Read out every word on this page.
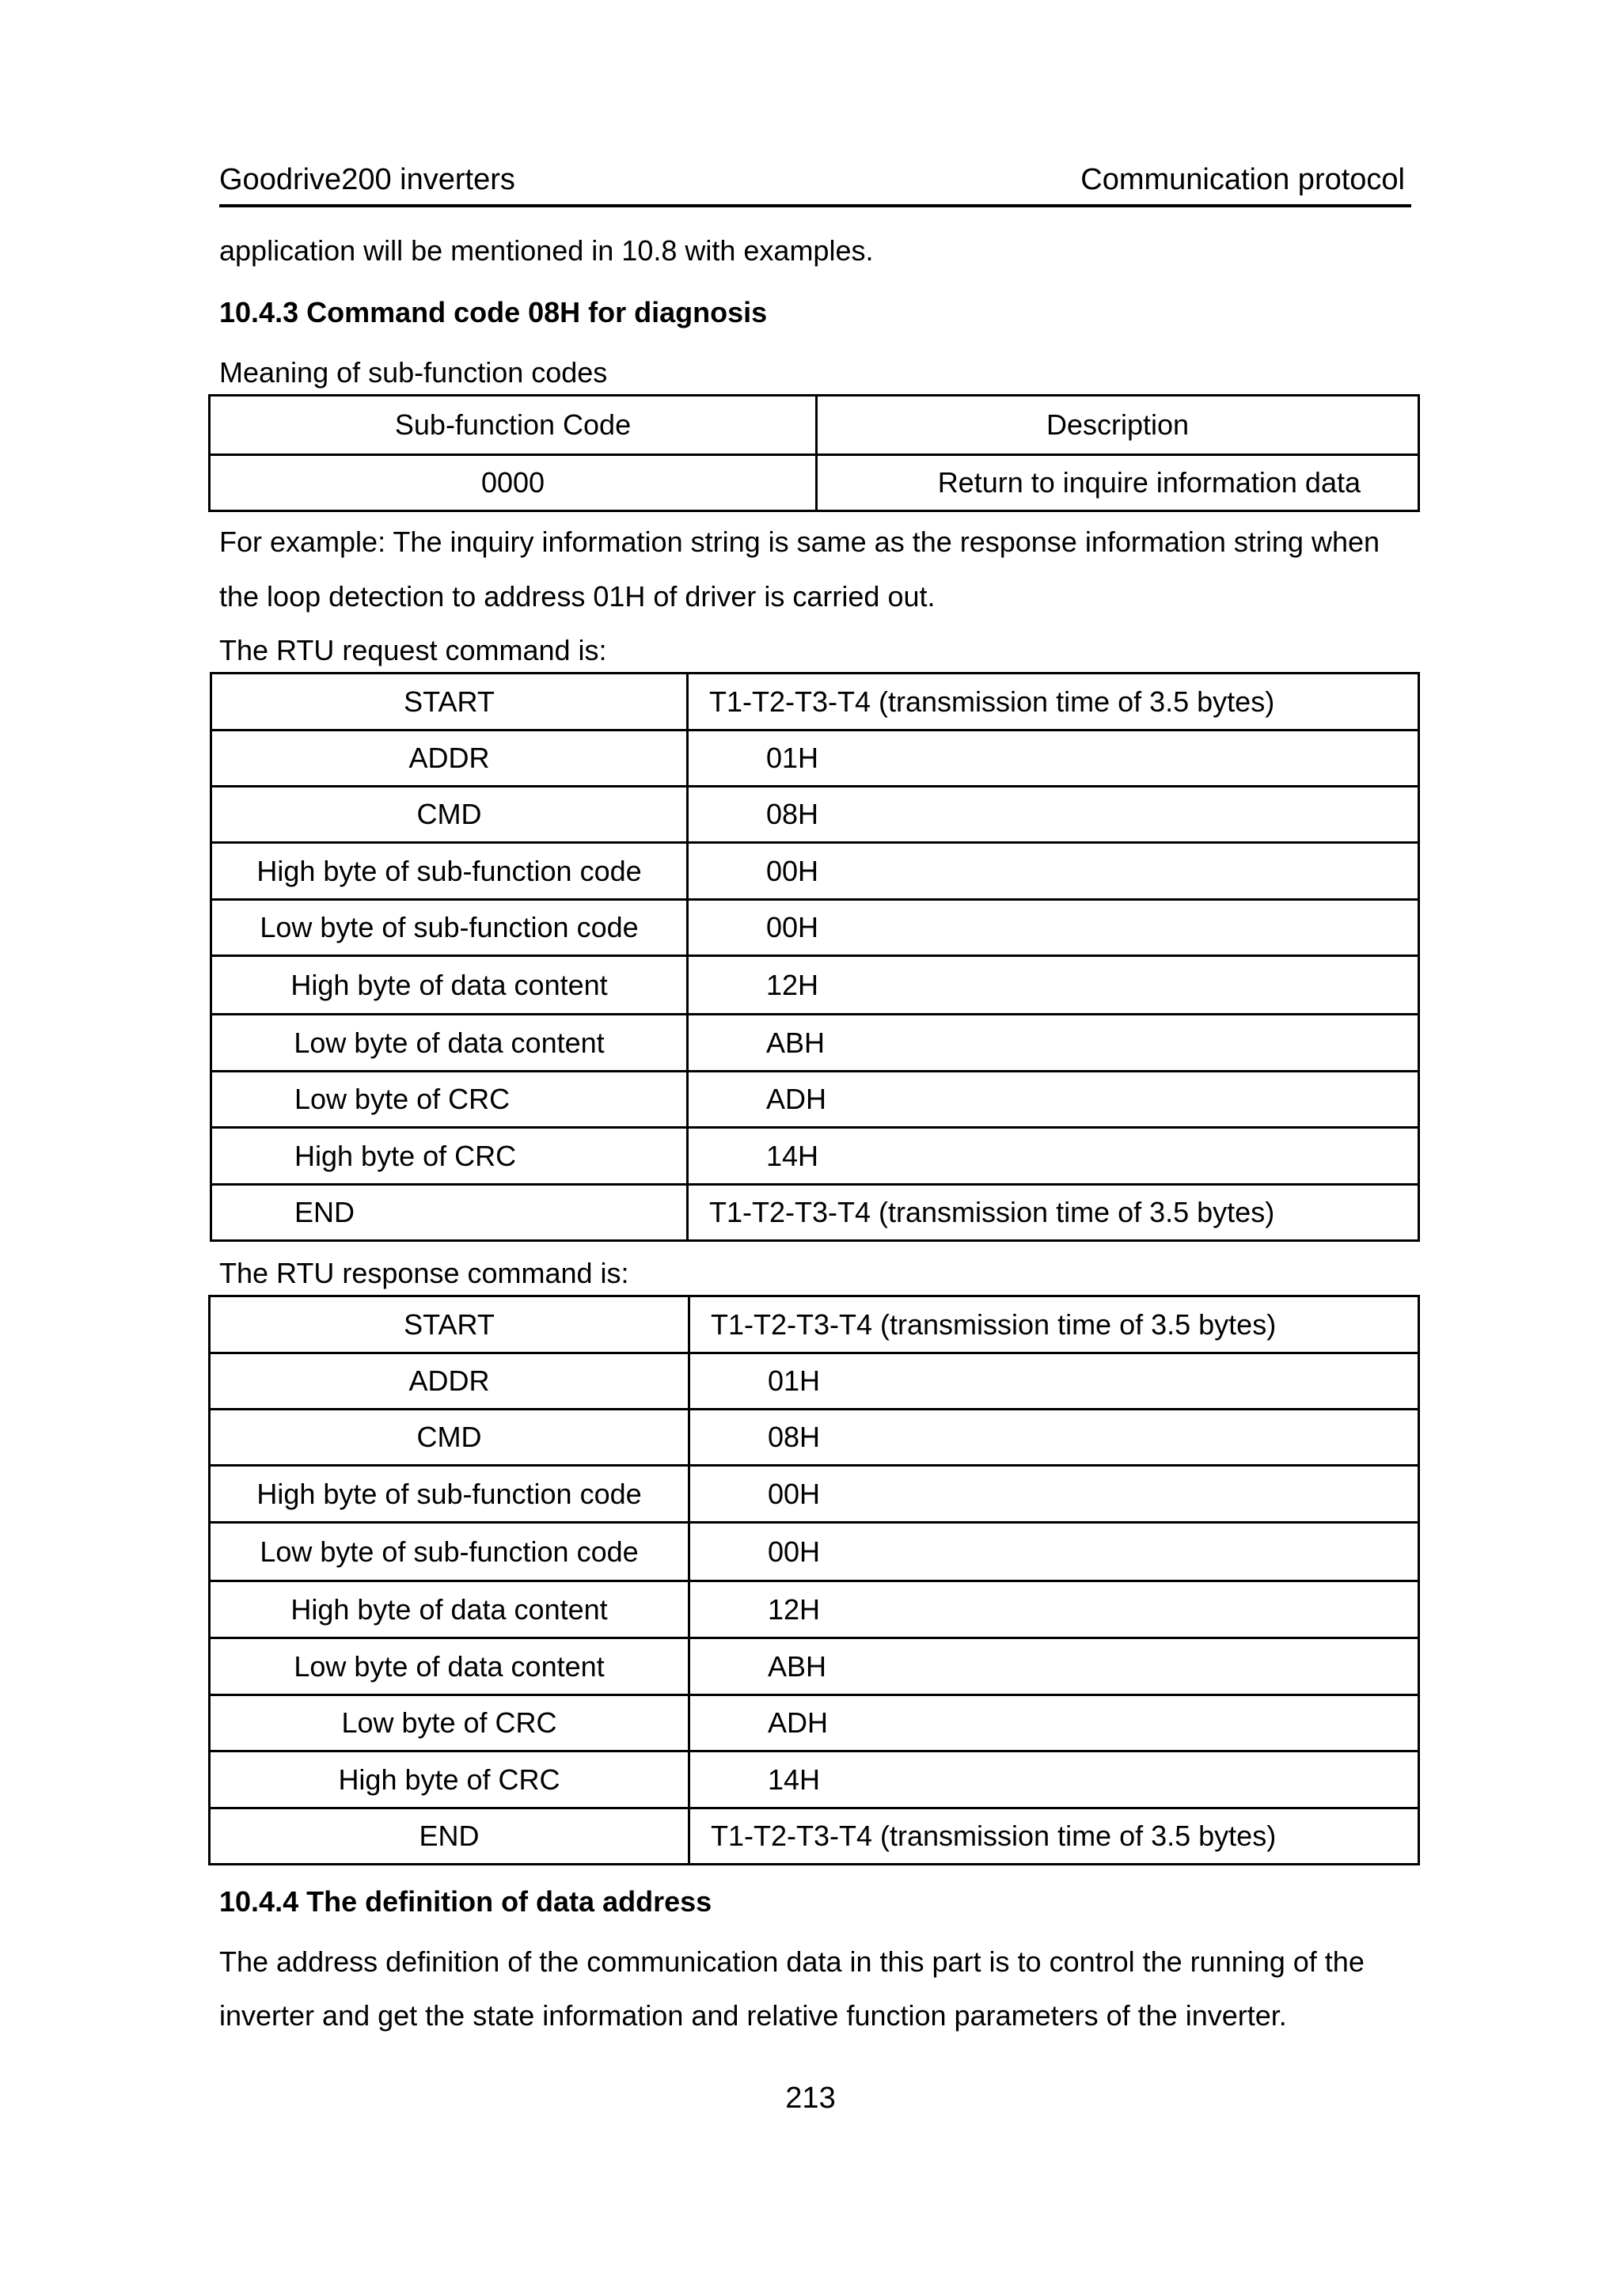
Goodrive200 inverters	Communication protocol
application will be mentioned in 10.8 with examples.
10.4.3 Command code 08H for diagnosis
Meaning of sub-function codes
Sub-function Code	Description
0000	Return to inquire information data
For example: The inquiry information string is same as the response information string when
the loop detection to address 01H of driver is carried out.
The RTU request command is:
START	T1-T2-T3-T4 (transmission time of 3.5 bytes)
ADDR	01H
CMD	08H
High byte of sub-function code	00H
Low byte of sub-function code	00H
High byte of data content	12H
Low byte of data content	ABH
Low byte of CRC	ADH
High byte of CRC	14H
END	T1-T2-T3-T4 (transmission time of 3.5 bytes)
The RTU response command is:
START	T1-T2-T3-T4 (transmission time of 3.5 bytes)
ADDR	01H
CMD	08H
High byte of sub-function code	00H
Low byte of sub-function code	00H
High byte of data content	12H
Low byte of data content	ABH
Low byte of CRC	ADH
High byte of CRC	14H
END	T1-T2-T3-T4 (transmission time of 3.5 bytes)
10.4.4 The definition of data address
The address definition of the communication data in this part is to control the running of the
inverter and get the state information and relative function parameters of the inverter.
213
